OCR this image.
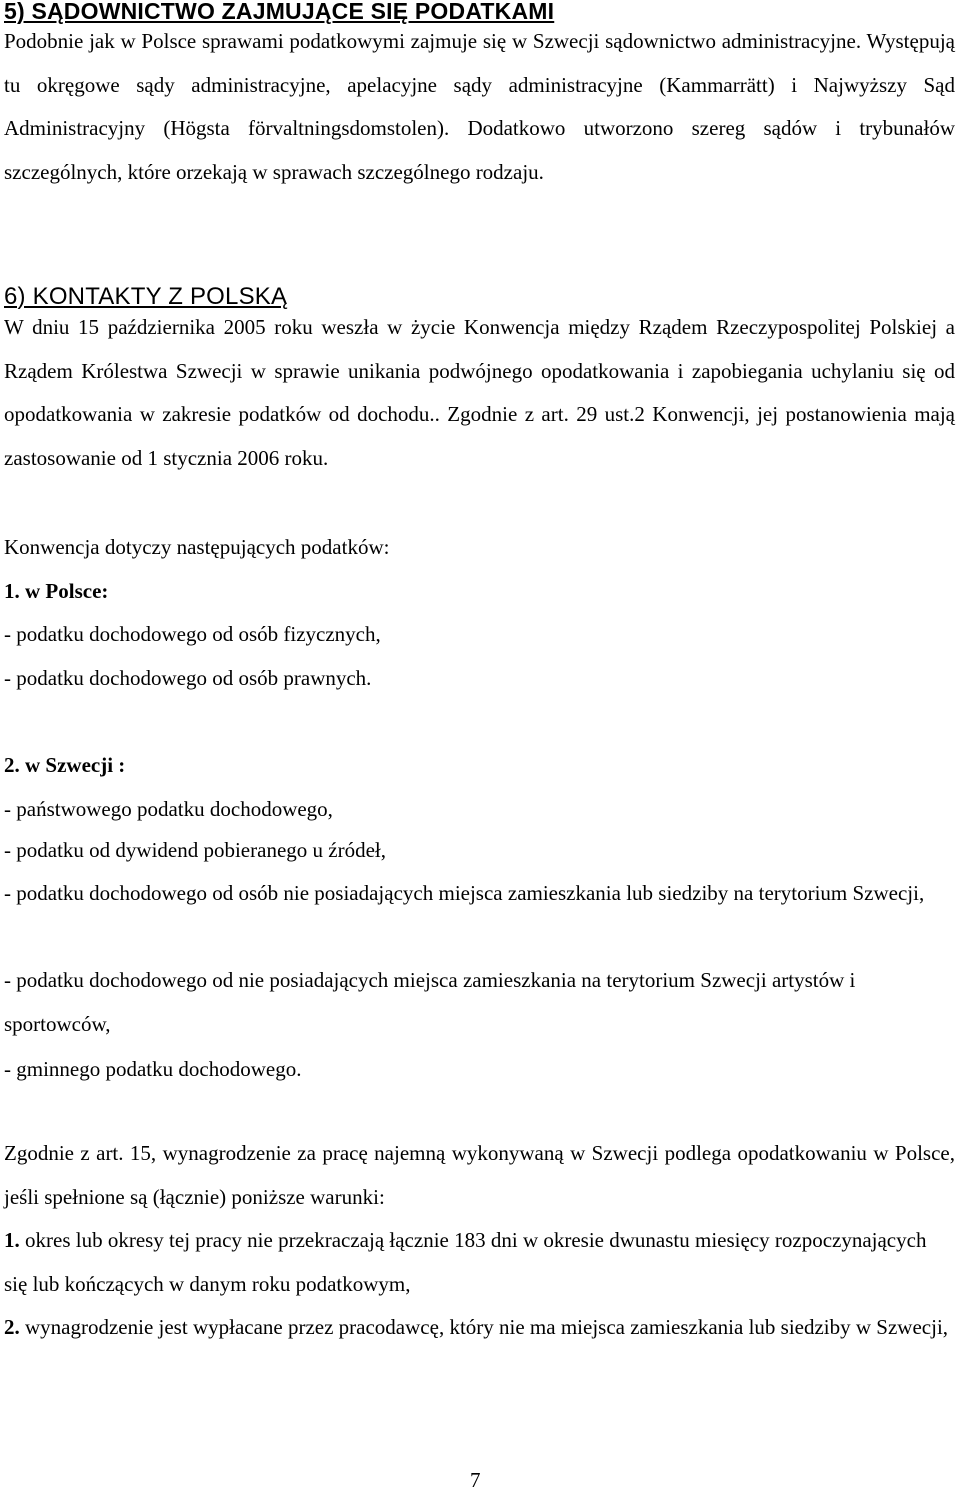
5) SĄDOWNICTWO ZAJMUJĄCE SIĘ PODATKAMI

Podobnie jak w Polsce sprawami podatkowymi zajmuje się w Szwecji sądownictwo administracyjne. Występują tu okręgowe sądy administracyjne, apelacyjne sądy administracyjne (Kammarrätt) i Najwyższy Sąd Administracyjny (Högsta förvaltningsdomstolen). Dodatkowo utworzono szereg sądów i trybunałów szczególnych, które orzekają w sprawach szczególnego rodzaju.

6) KONTAKTY Z POLSKĄ

W dniu 15 października 2005 roku weszła w życie Konwencja między Rządem Rzeczypospolitej Polskiej a Rządem Królestwa Szwecji w sprawie unikania podwójnego opodatkowania i zapobiegania uchylaniu się od opodatkowania w zakresie podatków od dochodu.. Zgodnie z art. 29 ust.2 Konwencji, jej postanowienia mają zastosowanie od 1 stycznia 2006 roku.

Konwencja dotyczy następujących podatków:

1. w Polsce:

- podatku dochodowego od osób fizycznych,

- podatku dochodowego od osób prawnych.

2. w Szwecji :

- państwowego podatku dochodowego,

- podatku od dywidend pobieranego u źródeł,

- podatku dochodowego od osób nie posiadających miejsca zamieszkania lub siedziby na terytorium Szwecji,

- podatku dochodowego od nie posiadających miejsca zamieszkania na terytorium Szwecji artystów i sportowców,

- gminnego podatku dochodowego.

Zgodnie z art. 15, wynagrodzenie za pracę najemną wykonywaną w Szwecji podlega opodatkowaniu w Polsce, jeśli spełnione są (łącznie) poniższe warunki:

1. okres lub okresy tej pracy nie przekraczają łącznie 183 dni w okresie dwunastu miesięcy rozpoczynających się lub kończących w danym roku podatkowym,

2. wynagrodzenie jest wypłacane przez pracodawcę, który nie ma miejsca zamieszkania lub siedziby w Szwecji,

7
